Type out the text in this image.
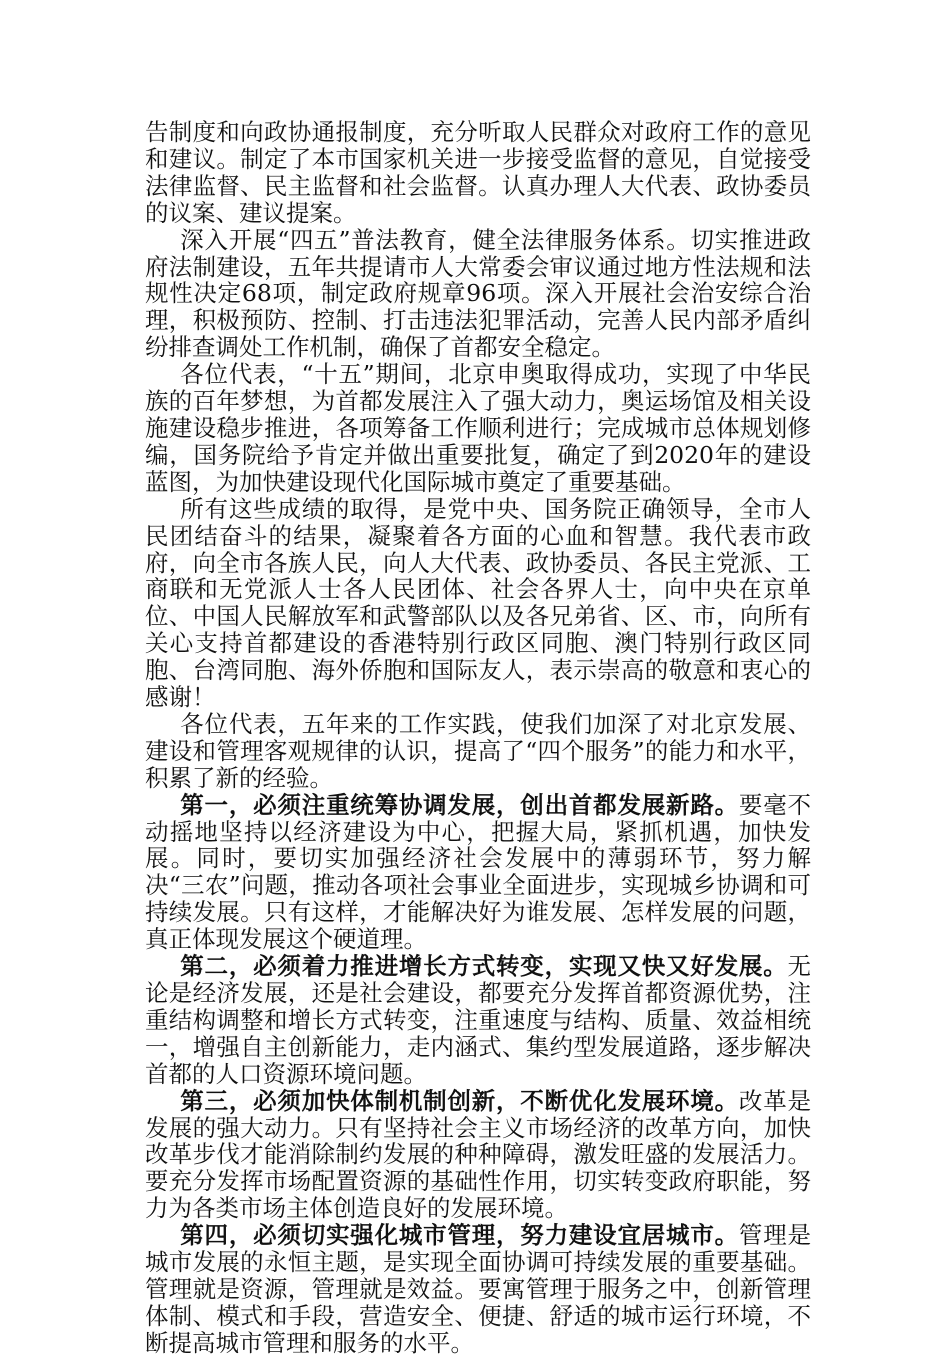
告制度和向政协通报制度，充分听取人民群众对政府工作的意见和建议。制定了本市国家机关进一步接受监督的意见，自觉接受法律监督、民主监督和社会监督。认真办理人大代表、政协委员的议案、建议提案。

深入开展“四五”普法教育，健全法律服务体系。切实推进政府法制建设，五年共提请市人大常委会审议通过地方性法规和法规性决定68项，制定政府规章96项。深入开展社会治安综合治理，积极预防、控制、打击违法犯罪活动，完善人民内部矛盾纠纷排查调处工作机制，确保了首都安全稳定。

各位代表，“十五”期间，北京申奥取得成功，实现了中华民族的百年梦想，为首都发展注入了强大动力，奥运场馆及相关设施建设稳步推进，各项筹备工作顺利进行；完成城市总体规划修编，国务院给予肯定并做出重要批复，确定了到2020年的建设蓝图，为加快建设现代化国际城市奠定了重要基础。

所有这些成绩的取得，是党中央、国务院正确领导，全市人民团结奋斗的结果，凝聚着各方面的心血和智慧。我代表市政府，向全市各族人民，向人大代表、政协委员、各民主党派、工商联和无党派人士各人民团体、社会各界人士，向中央在京单位、中国人民解放军和武警部队以及各兄弟省、区、市，向所有关心支持首都建设的香港特别行政区同胞、澳门特别行政区同胞、台湾同胞、海外侨胞和国际友人，表示崇高的敬意和衷心的感谢！

各位代表，五年来的工作实践，使我们加深了对北京发展、建设和管理客观规律的认识，提高了“四个服务”的能力和水平，积累了新的经验。

第一，必须注重统筹协调发展，创出首都发展新路。要毫不动摇地坚持以经济建设为中心，把握大局，紧抓机遇，加快发展。同时，要切实加强经济社会发展中的薄弱环节，努力解决“三农”问题，推动各项社会事业全面进步，实现城乡协调和可持续发展。只有这样，才能解决好为谁发展、怎样发展的问题，真正体现发展这个硬道理。

第二，必须着力推进增长方式转变，实现又快又好发展。无论是经济发展，还是社会建设，都要充分发挥首都资源优势，注重结构调整和增长方式转变，注重速度与结构、质量、效益相统一，增强自主创新能力，走内涵式、集约型发展道路，逐步解决首都的人口资源环境问题。

第三，必须加快体制机制创新，不断优化发展环境。改革是发展的强大动力。只有坚持社会主义市场经济的改革方向，加快改革步伐才能消除制约发展的种种障碍，激发旺盛的发展活力。要充分发挥市场配置资源的基础性作用，切实转变政府职能，努力为各类市场主体创造良好的发展环境。

第四，必须切实强化城市管理，努力建设宜居城市。管理是城市发展的永恒主题，是实现全面协调可持续发展的重要基础。管理就是资源，管理就是效益。要寓管理于服务之中，创新管理体制、模式和手段，营造安全、便捷、舒适的城市运行环境，不断提高城市管理和服务的水平。
